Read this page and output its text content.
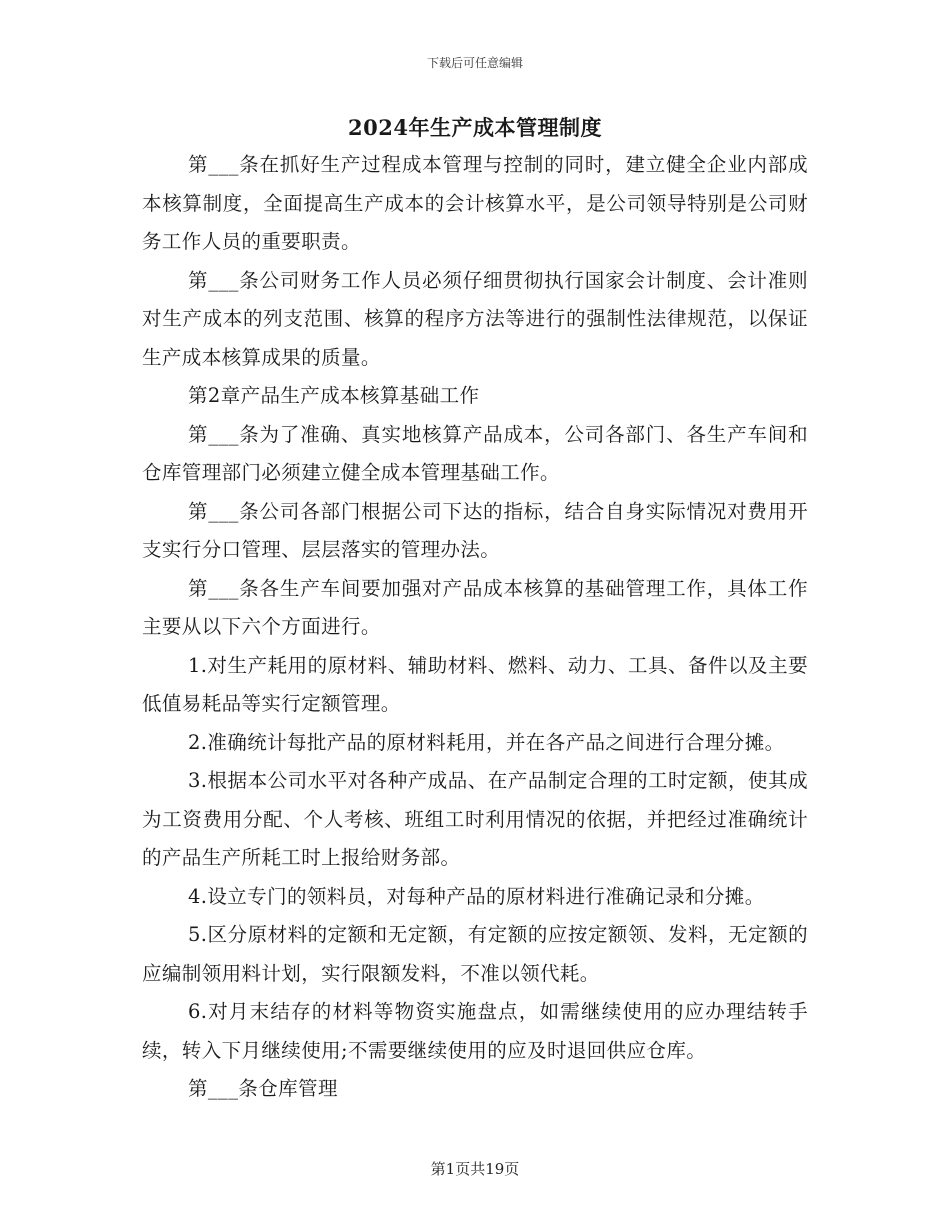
下载后可任意编辑
2024年生产成本管理制度

第___条在抓好生产过程成本管理与控制的同时，建立健全企业内部成本核算制度，全面提高生产成本的会计核算水平，是公司领导特别是公司财务工作人员的重要职责。

第___条公司财务工作人员必须仔细贯彻执行国家会计制度、会计准则对生产成本的列支范围、核算的程序方法等进行的强制性法律规范，以保证生产成本核算成果的质量。

第2章产品生产成本核算基础工作

第___条为了准确、真实地核算产品成本，公司各部门、各生产车间和仓库管理部门必须建立健全成本管理基础工作。

第___条公司各部门根据公司下达的指标，结合自身实际情况对费用开支实行分口管理、层层落实的管理办法。

第___条各生产车间要加强对产品成本核算的基础管理工作，具体工作主要从以下六个方面进行。

1.对生产耗用的原材料、辅助材料、燃料、动力、工具、备件以及主要低值易耗品等实行定额管理。

2.准确统计每批产品的原材料耗用，并在各产品之间进行合理分摊。

3.根据本公司水平对各种产成品、在产品制定合理的工时定额，使其成为工资费用分配、个人考核、班组工时利用情况的依据，并把经过准确统计的产品生产所耗工时上报给财务部。

4.设立专门的领料员，对每种产品的原材料进行准确记录和分摊。

5.区分原材料的定额和无定额，有定额的应按定额领、发料，无定额的应编制领用料计划，实行限额发料，不准以领代耗。

6.对月末结存的材料等物资实施盘点，如需继续使用的应办理结转手续，转入下月继续使用;不需要继续使用的应及时退回供应仓库。

第___条仓库管理

第1页共19页
